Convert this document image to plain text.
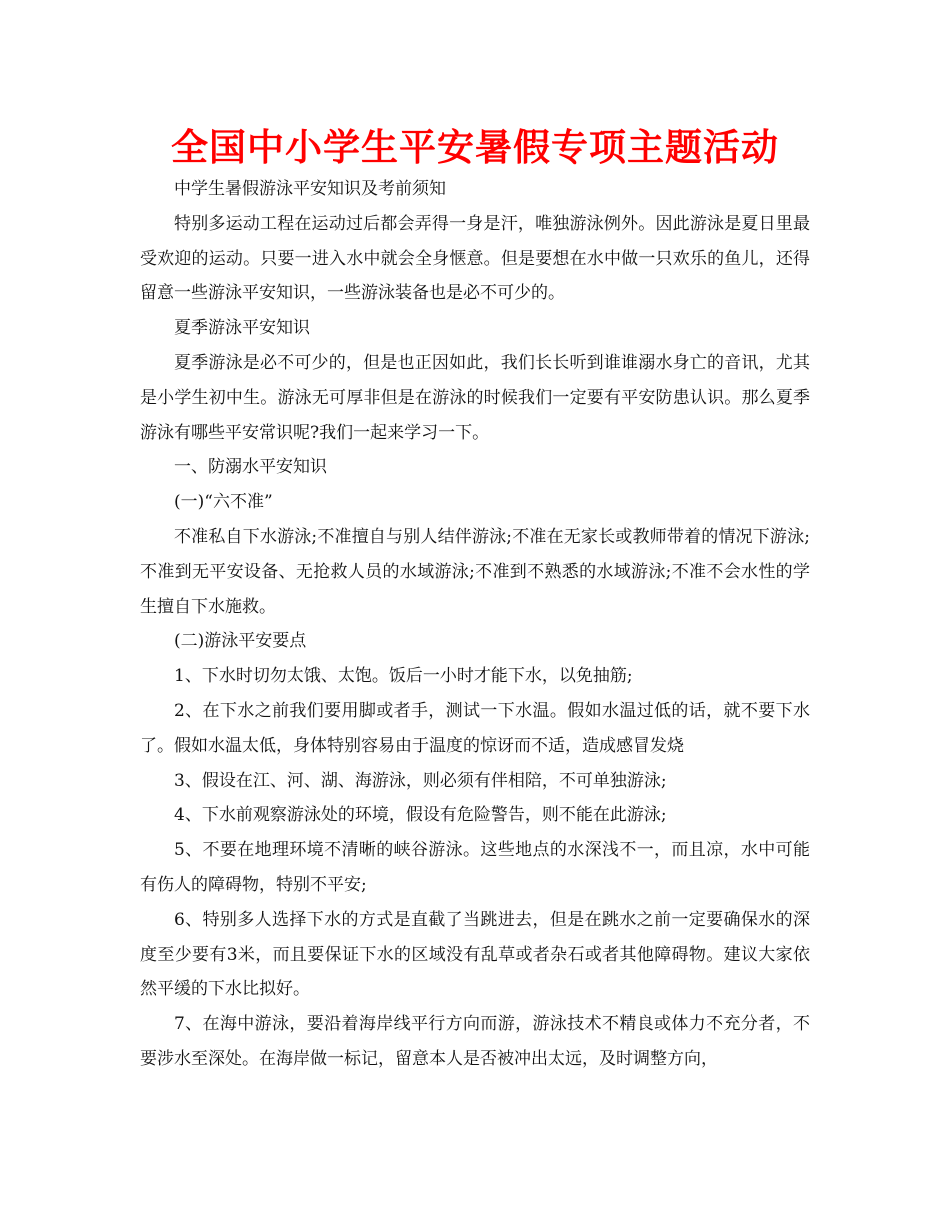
全国中小学生平安暑假专项主题活动

中学生暑假游泳平安知识及考前须知

特别多运动工程在运动过后都会弄得一身是汗，唯独游泳例外。因此游泳是夏日里最受欢迎的运动。只要一进入水中就会全身惬意。但是要想在水中做一只欢乐的鱼儿，还得留意一些游泳平安知识，一些游泳装备也是必不可少的。

夏季游泳平安知识

夏季游泳是必不可少的，但是也正因如此，我们长长听到谁谁溺水身亡的音讯，尤其是小学生初中生。游泳无可厚非但是在游泳的时候我们一定要有平安防患认识。那么夏季游泳有哪些平安常识呢?我们一起来学习一下。

一、防溺水平安知识

(一)“六不准”

不准私自下水游泳;不准擅自与别人结伴游泳;不准在无家长或教师带着的情况下游泳;不准到无平安设备、无抢救人员的水域游泳;不准到不熟悉的水域游泳;不准不会水性的学生擅自下水施救。

(二)游泳平安要点

1、下水时切勿太饿、太饱。饭后一小时才能下水，以免抽筋;

2、在下水之前我们要用脚或者手，测试一下水温。假如水温过低的话，就不要下水了。假如水温太低，身体特别容易由于温度的惊讶而不适，造成感冒发烧

3、假设在江、河、湖、海游泳，则必须有伴相陪，不可单独游泳;

4、下水前观察游泳处的环境，假设有危险警告，则不能在此游泳;

5、不要在地理环境不清晰的峡谷游泳。这些地点的水深浅不一，而且凉，水中可能有伤人的障碍物，特别不平安;

6、特别多人选择下水的方式是直截了当跳进去，但是在跳水之前一定要确保水的深度至少要有3米，而且要保证下水的区域没有乱草或者杂石或者其他障碍物。建议大家依然平缓的下水比拟好。

7、在海中游泳，要沿着海岸线平行方向而游，游泳技术不精良或体力不充分者，不要涉水至深处。在海岸做一标记，留意本人是否被冲出太远，及时调整方向，
